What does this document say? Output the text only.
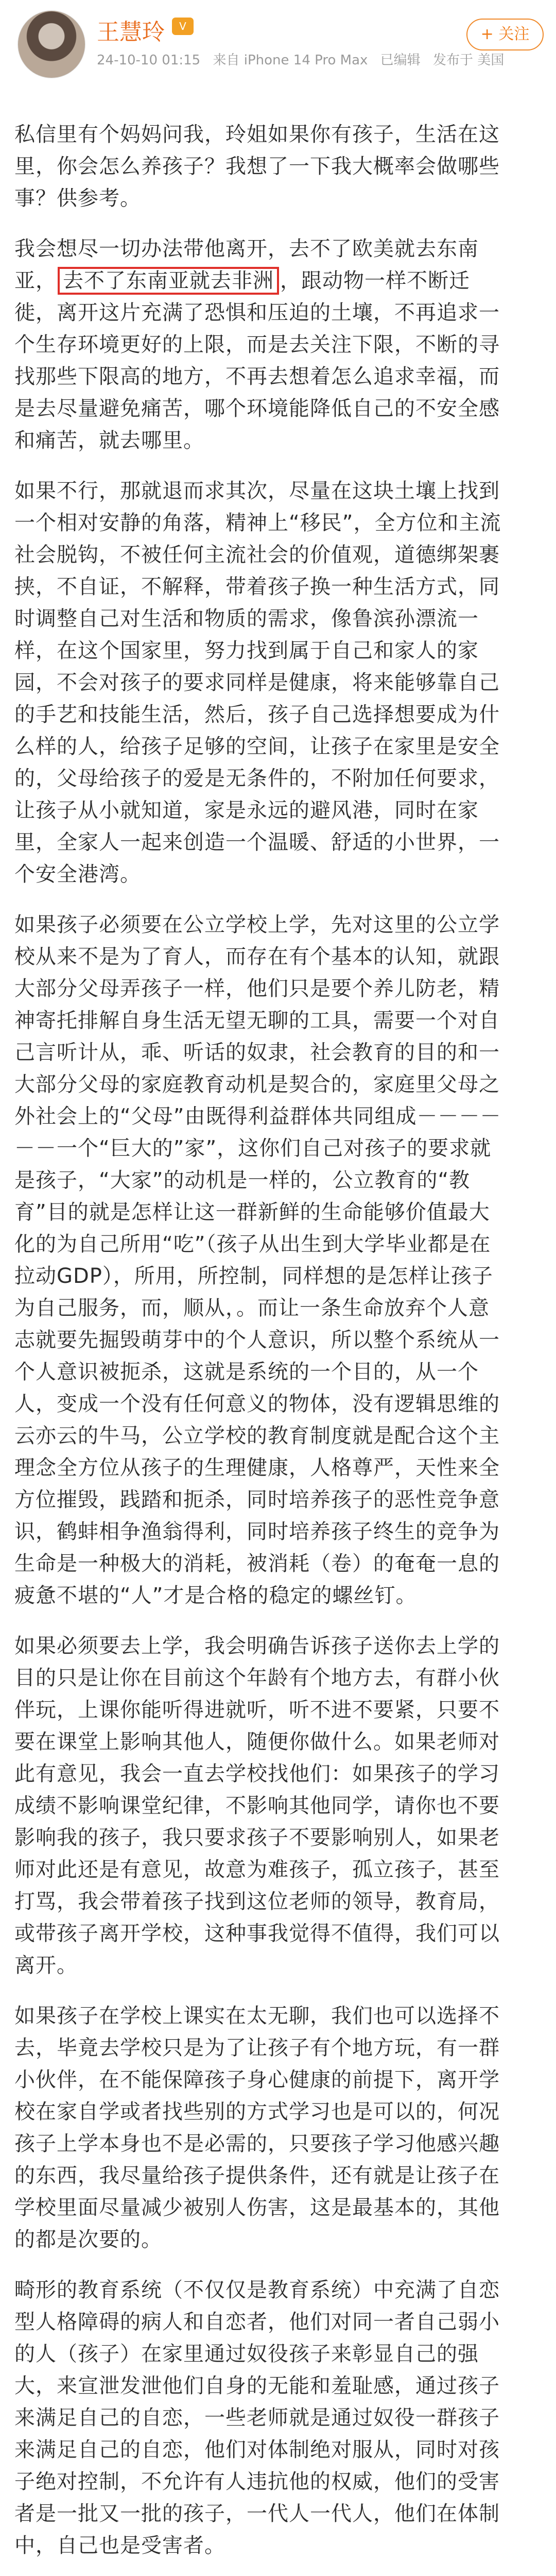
王慧玲	V
24-10-10 01:15 来自 iPhone 14 Pro Max 已编辑 发布于 美国
+ 关注

私信里有个妈妈问我，玲姐如果你有孩子，生活在这里，你会怎么养孩子？我想了一下我大概率会做哪些事？供参考。

我会想尽一切办法带他离开，去不了欧美就去东南亚， 去不了东南亚就去非洲 ，跟动物一样不断迁徙，离开这片充满了恐惧和压迫的土壤，不再追求一个生存环境更好的上限，而是去关注下限，不断的寻找那些下限高的地方，不再去想着怎么追求幸福，而是去尽量避免痛苦，哪个环境能降低自己的不安全感和痛苦，就去哪里。

如果不行，那就退而求其次，尽量在这块土壤上找到一个相对安静的角落，精神上“移民”，全方位和主流社会脱钩，不被任何主流社会的价值观，道德绑架裹挟，不自证，不解释，带着孩子换一种生活方式，同时调整自己对生活和物质的需求，像鲁滨孙漂流一样，在这个国家里，努力找到属于自己和家人的家园，不会对孩子的要求同样是健康，将来能够靠自己的手艺和技能生活，然后，孩子自己选择想要成为什么样的人，给孩子足够的空间，让孩子在家里是安全的，父母给孩子的爱是无条件的，不附加任何要求，让孩子从小就知道，家是永远的避风港，同时在家里，全家人一起来创造一个温暖、舒适的小世界，一个安全港湾。

如果孩子必须要在公立学校上学，先对这里的公立学校从来不是为了育人，而存在有个基本的认知，就跟大部分父母弄孩子一样，他们只是要个养儿防老，精神寄托排解自身生活无望无聊的工具，需要一个对自己言听计从，乖、听话的奴隶，社会教育的目的和一大部分父母的家庭教育动机是契合的，家庭里父母之外社会上的“父母”由既得利益群体共同组成－－－－－－一个“巨大的”家”，这你们自己对孩子的要求就是孩子，“大家”的动机是一样的，公立教育的“教育”目的就是怎样让这一群新鲜的生命能够价值最大化的为自己所用“吃”（孩子从出生到大学毕业都是在拉动GDP），所用，所控制，同样想的是怎样让孩子为自己服务，而，顺从，。而让一条生命放弃个人意志就要先掘毁萌芽中的个人意识，所以整个系统从一个人意识被扼杀，这就是系统的一个目的，从一个人，变成一个没有任何意义的物体，没有逻辑思维的云亦云的牛马，公立学校的教育制度就是配合这个主理念全方位从孩子的生理健康，人格尊严，天性来全方位摧毁，践踏和扼杀，同时培养孩子的恶性竞争意识，鹤蚌相争渔翁得利，同时培养孩子终生的竞争为生命是一种极大的消耗，被消耗（卷）的奄奄一息的疲惫不堪的“人”才是合格的稳定的螺丝钉。

如果必须要去上学，我会明确告诉孩子送你去上学的目的只是让你在目前这个年龄有个地方去，有群小伙伴玩，上课你能听得进就听，听不进不要紧，只要不要在课堂上影响其他人，随便你做什么。如果老师对此有意见，我会一直去学校找他们：如果孩子的学习成绩不影响课堂纪律，不影响其他同学，请你也不要影响我的孩子，我只要求孩子不要影响别人，如果老师对此还是有意见，故意为难孩子，孤立孩子，甚至打骂，我会带着孩子找到这位老师的领导，教育局，或带孩子离开学校，这种事我觉得不值得，我们可以离开。

如果孩子在学校上课实在太无聊，我们也可以选择不去，毕竟去学校只是为了让孩子有个地方玩，有一群小伙伴，在不能保障孩子身心健康的前提下，离开学校在家自学或者找些别的方式学习也是可以的，何况孩子上学本身也不是必需的，只要孩子学习他感兴趣的东西，我尽量给孩子提供条件，还有就是让孩子在学校里面尽量减少被别人伤害，这是最基本的，其他的都是次要的。

畸形的教育系统（不仅仅是教育系统）中充满了自恋型人格障碍的病人和自恋者，他们对同一者自己弱小的人（孩子）在家里通过奴役孩子来彰显自己的强大，来宣泄发泄他们自身的无能和羞耻感，通过孩子来满足自己的自恋，一些老师就是通过奴役一群孩子来满足自己的自恋，他们对体制绝对服从，同时对孩子绝对控制，不允许有人违抗他的权威，他们的受害者是一批又一批的孩子，一代人一代人，他们在体制中，自己也是受害者。
